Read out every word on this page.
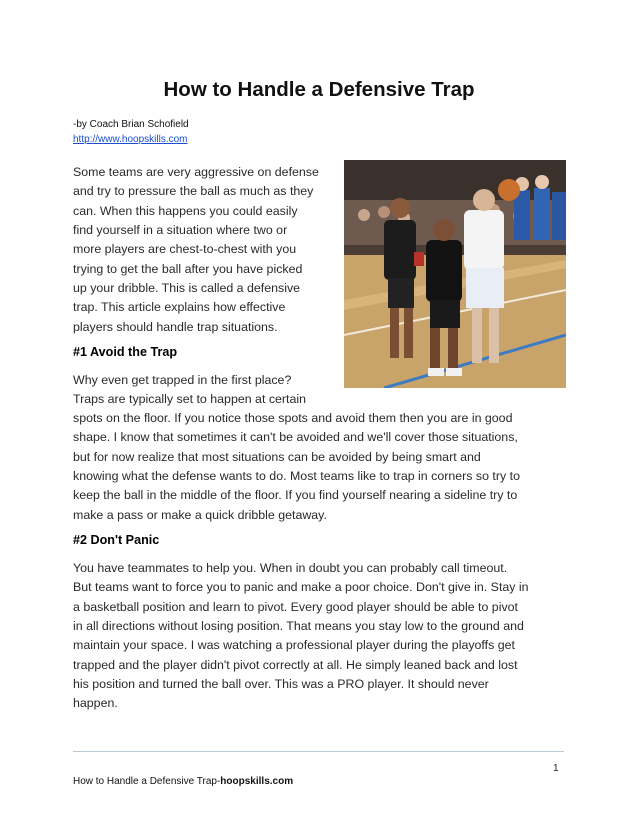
How to Handle a Defensive Trap
-by Coach Brian Schofield
http://www.hoopskills.com
Some teams are very aggressive on defense
and try to pressure the ball as much as they
can. When this happens you could easily
find yourself in a situation where two or
more players are chest-to-chest with you
trying to get the ball after you have picked
up your dribble. This is called a defensive
trap. This article explains how effective
players should handle trap situations.
#1 Avoid the Trap
Why even get trapped in the first place?
Traps are typically set to happen at certain
spots on the floor. If you notice those spots and avoid them then you are in good
shape. I know that sometimes it can't be avoided and we'll cover those situations,
but for now realize that most situations can be avoided by being smart and
knowing what the defense wants to do. Most teams like to trap in corners so try to
keep the ball in the middle of the floor. If you find yourself nearing a sideline try to
make a pass or make a quick dribble getaway.
#2 Don't Panic
You have teammates to help you. When in doubt you can probably call timeout.
But teams want to force you to panic and make a poor choice. Don't give in. Stay in
a basketball position and learn to pivot. Every good player should be able to pivot
in all directions without losing position. That means you stay low to the ground and
maintain your space. I was watching a professional player during the playoffs get
trapped and the player didn't pivot correctly at all. He simply leaned back and lost
his position and turned the ball over. This was a PRO player. It should never
happen.
1
How to Handle a Defensive Trap-hoopskills.com
